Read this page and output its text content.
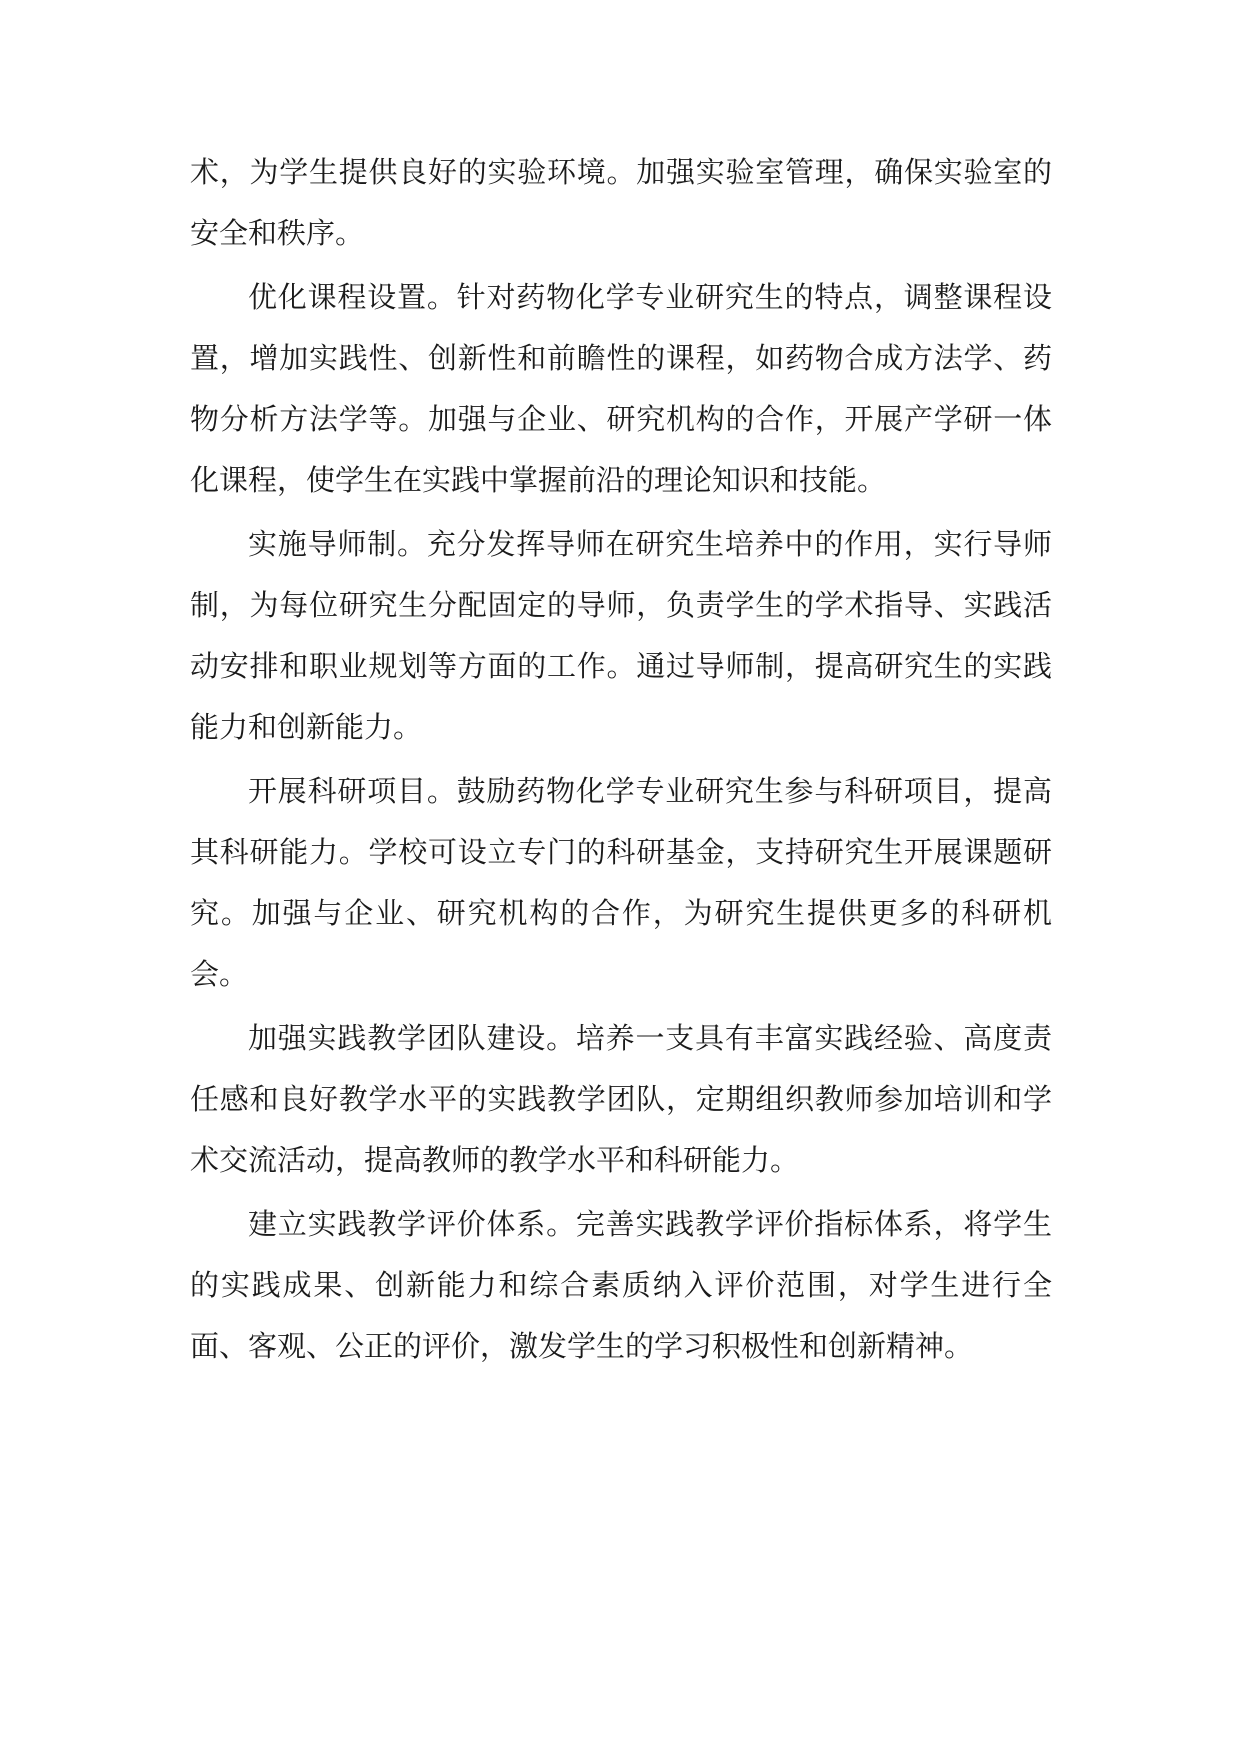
术，为学生提供良好的实验环境。加强实验室管理，确保实验室的安全和秩序。

优化课程设置。针对药物化学专业研究生的特点，调整课程设置，增加实践性、创新性和前瞻性的课程，如药物合成方法学、药物分析方法学等。加强与企业、研究机构的合作，开展产学研一体化课程，使学生在实践中掌握前沿的理论知识和技能。

实施导师制。充分发挥导师在研究生培养中的作用，实行导师制，为每位研究生分配固定的导师，负责学生的学术指导、实践活动安排和职业规划等方面的工作。通过导师制，提高研究生的实践能力和创新能力。

开展科研项目。鼓励药物化学专业研究生参与科研项目，提高其科研能力。学校可设立专门的科研基金，支持研究生开展课题研究。加强与企业、研究机构的合作，为研究生提供更多的科研机会。

加强实践教学团队建设。培养一支具有丰富实践经验、高度责任感和良好教学水平的实践教学团队，定期组织教师参加培训和学术交流活动，提高教师的教学水平和科研能力。

建立实践教学评价体系。完善实践教学评价指标体系，将学生的实践成果、创新能力和综合素质纳入评价范围，对学生进行全面、客观、公正的评价，激发学生的学习积极性和创新精神。
